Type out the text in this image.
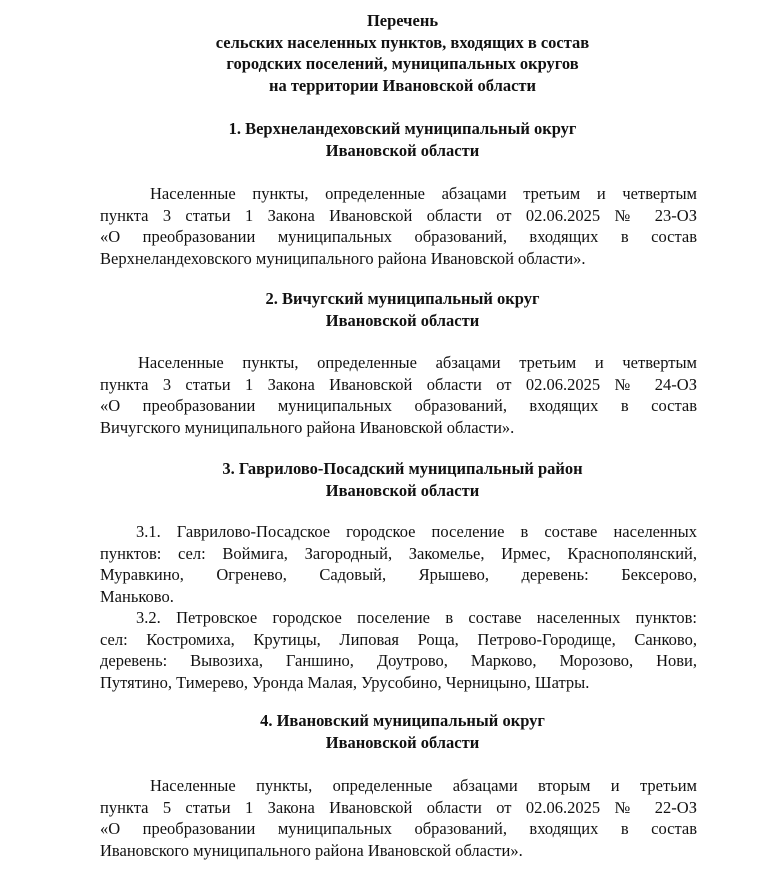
Перечень
сельских населенных пунктов, входящих в состав
городских поселений, муниципальных округов
на территории Ивановской области
1. Верхнеландеховский муниципальный округ
Ивановской области
Населенные пункты, определенные абзацами третьим и четвертым
пункта 3 статьи 1 Закона Ивановской области от 02.06.2025 № 23-ОЗ
«О преобразовании муниципальных образований, входящих в состав
Верхнеландеховского муниципального района Ивановской области».
2. Вичугский муниципальный округ
Ивановской области
Населенные пункты, определенные абзацами третьим и четвертым
пункта 3 статьи 1 Закона Ивановской области от 02.06.2025 № 24-ОЗ
«О преобразовании муниципальных образований, входящих в состав
Вичугского муниципального района Ивановской области».
3. Гаврилово-Посадский муниципальный район
Ивановской области
3.1. Гаврилово-Посадское городское поселение в составе населенных
пунктов: сел: Воймига, Загородный, Закомелье, Ирмес, Краснополянский,
Муравкино, Огренево, Садовый, Ярышево, деревень: Бексерово,
Маньково.
3.2. Петровское городское поселение в составе населенных пунктов:
сел: Костромиха, Крутицы, Липовая Роща, Петрово-Городище, Санково,
деревень: Вывозиха, Ганшино, Доутрово, Марково, Морозово, Нови,
Путятино, Тимерево, Уронда Малая, Урусобино, Черницыно, Шатры.
4. Ивановский муниципальный округ
Ивановской области
Населенные пункты, определенные абзацами вторым и третьим
пункта 5 статьи 1 Закона Ивановской области от 02.06.2025 № 22-ОЗ
«О преобразовании муниципальных образований, входящих в состав
Ивановского муниципального района Ивановской области».
